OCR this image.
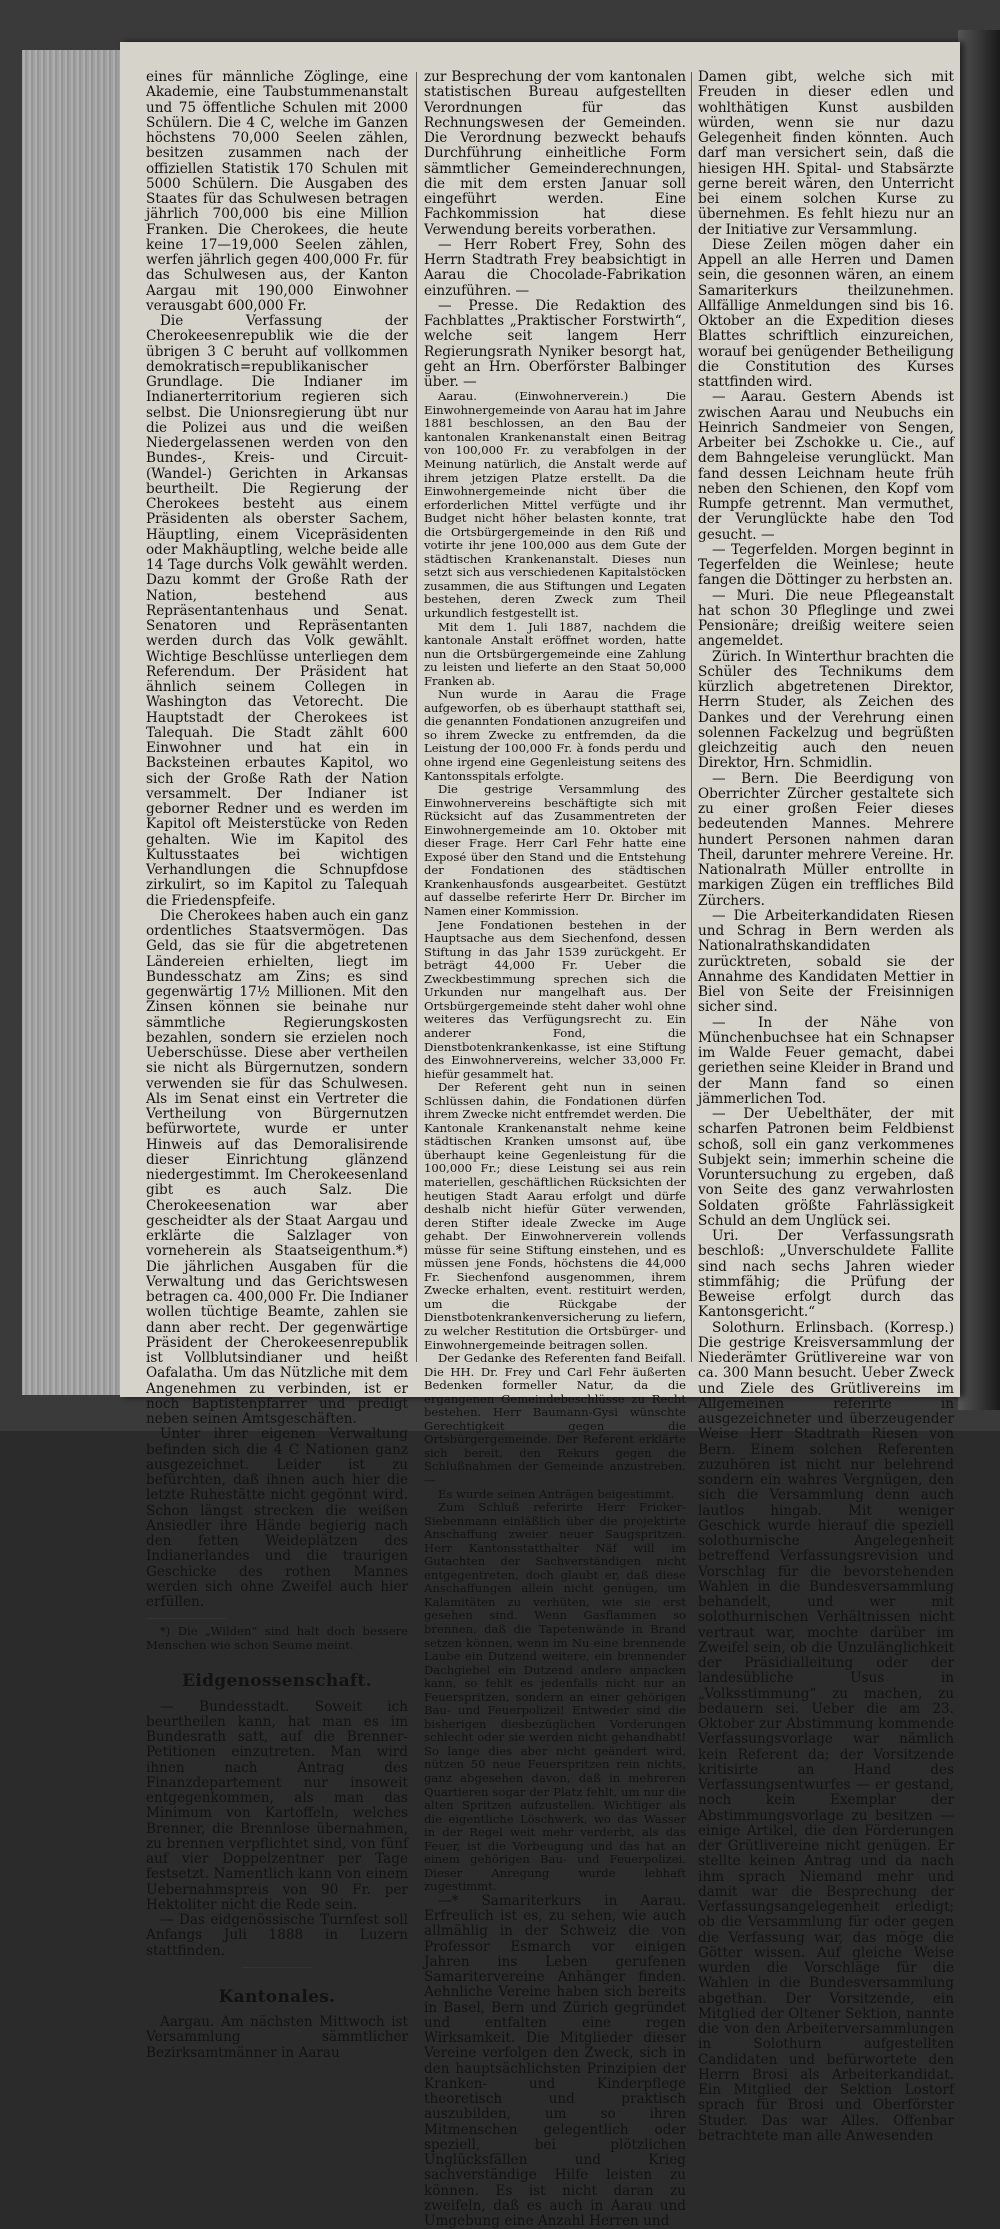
eines für männliche Zöglinge, eine Akademie, eine Taubstummenanstalt und 75 öffentliche Schulen mit 2000 Schülern. Die 4 C, welche im Ganzen höchstens 70,000 Seelen zählen, besitzen zusammen nach der offiziellen Statistik 170 Schulen mit 5000 Schülern. Die Ausgaben des Staates für das Schulwesen betragen jährlich 700,000 bis eine Million Franken. Die Cherokees, die heute keine 17—19,000 Seelen zählen, werfen jährlich gegen 400,000 Fr. für das Schulwesen aus, der Kanton Aargau mit 190,000 Einwohner verausgabt 600,000 Fr.

Die Verfassung der Cherokeesenrepublik wie die der übrigen 3 C beruht auf vollkommen demokratisch=republikanischer Grundlage. Die Indianer im Indianerterritorium regieren sich selbst. Die Unionsregierung übt nur die Polizei aus und die weißen Niedergelassenen werden von den Bundes-, Kreis- und Circuit- (Wandel-) Gerichten in Arkansas beurtheilt. Die Regierung der Cherokees besteht aus einem Präsidenten als oberster Sachem, Häuptling, einem Vicepräsidenten oder Makhäuptling, welche beide alle 14 Tage durchs Volk gewählt werden. Dazu kommt der Große Rath der Nation, bestehend aus Repräsentantenhaus und Senat. Senatoren und Repräsentanten werden durch das Volk gewählt. Wichtige Beschlüsse unterliegen dem Referendum. Der Präsident hat ähnlich seinem Collegen in Washington das Vetorecht. Die Hauptstadt der Cherokees ist Talequah. Die Stadt zählt 600 Einwohner und hat ein in Backsteinen erbautes Kapitol, wo sich der Große Rath der Nation versammelt. Der Indianer ist geborner Redner und es werden im Kapitol oft Meisterstücke von Reden gehalten. Wie im Kapitol des Kultusstaates bei wichtigen Verhandlungen die Schnupfdose zirkulirt, so im Kapitol zu Talequah die Friedenspfeife.

Die Cherokees haben auch ein ganz ordentliches Staatsvermögen. Das Geld, das sie für die abgetretenen Ländereien erhielten, liegt im Bundesschatz am Zins; es sind gegenwärtig 17½ Millionen. Mit den Zinsen können sie beinahe nur sämmtliche Regierungskosten bezahlen, sondern sie erzielen noch Ueberschüsse. Diese aber vertheilen sie nicht als Bürgernutzen, sondern verwenden sie für das Schulwesen. Als im Senat einst ein Vertreter die Vertheilung von Bürgernutzen befürwortete, wurde er unter Hinweis auf das Demoralisirende dieser Einrichtung glänzend niedergestimmt. Im Cherokeesenland gibt es auch Salz. Die Cherokeesenation war aber gescheidter als der Staat Aargau und erklärte die Salzlager von vorneherein als Staatseigenthum.*) Die jährlichen Ausgaben für die Verwaltung und das Gerichtswesen betragen ca. 400,000 Fr. Die Indianer wollen tüchtige Beamte, zahlen sie dann aber recht. Der gegenwärtige Präsident der Cherokeesenrepublik ist Vollblutsindianer und heißt Oafalatha. Um das Nützliche mit dem Angenehmen zu verbinden, ist er noch Baptistenpfarrer und predigt neben seinen Amtsgeschäften.

Unter ihrer eigenen Verwaltung befinden sich die 4 C Nationen ganz ausgezeichnet. Leider ist zu befürchten, daß ihnen auch hier die letzte Ruhestätte nicht gegönnt wird. Schon längst strecken die weißen Ansiedler ihre Hände begierig nach den fetten Weideplätzen des Indianerlandes und die traurigen Geschicke des rothen Mannes werden sich ohne Zweifel auch hier erfüllen.

*) Die „Wilden“ sind halt doch bessere Menschen wie schon Seume meint.

Eidgenossenschaft.

— Bundesstadt. Soweit ich beurtheilen kann, hat man es im Bundesrath satt, auf die Brenner-Petitionen einzutreten. Man wird ihnen nach Antrag des Finanzdepartement nur insoweit entgegenkommen, als man das Minimum von Kartoffeln, welches Brenner, die Brennlose übernahmen, zu brennen verpflichtet sind, von fünf auf vier Doppelzentner per Tage festsetzt. Namentlich kann von einem Uebernahmspreis von 90 Fr. per Hektoliter nicht die Rede sein.

— Das eidgenössische Turnfest soll Anfangs Juli 1888 in Luzern stattfinden.

Kantonales.

Aargau. Am nächsten Mittwoch ist Versammlung sämmtlicher Bezirksamtmänner in Aarau

zur Besprechung der vom kantonalen statistischen Bureau aufgestellten Verordnungen für das Rechnungswesen der Gemeinden. Die Verordnung bezweckt behaufs Durchführung einheitliche Form sämmtlicher Gemeinderechnungen, die mit dem ersten Januar soll eingeführt werden. Eine Fachkommission hat diese Verwendung bereits vorberathen.

— Herr Robert Frey, Sohn des Herrn Stadtrath Frey beabsichtigt in Aarau die Chocolade-Fabrikation einzuführen. —

— Presse. Die Redaktion des Fachblattes „Praktischer Forstwirth“, welche seit langem Herr Regierungsrath Nyniker besorgt hat, geht an Hrn. Oberförster Balbinger über. —

Aarau. (Einwohnerverein.) Die Einwohnergemeinde von Aarau hat im Jahre 1881 beschlossen, an den Bau der kantonalen Krankenanstalt einen Beitrag von 100,000 Fr. zu verabfolgen in der Meinung natürlich, die Anstalt werde auf ihrem jetzigen Platze erstellt. Da die Einwohnergemeinde nicht über die erforderlichen Mittel verfügte und ihr Budget nicht höher belasten konnte, trat die Ortsbürgergemeinde in den Riß und votirte ihr jene 100,000 aus dem Gute der städtischen Krankenanstalt. Dieses nun setzt sich aus verschiedenen Kapitalstöcken zusammen, die aus Stiftungen und Legaten bestehen, deren Zweck zum Theil urkundlich festgestellt ist.

Mit dem 1. Juli 1887, nachdem die kantonale Anstalt eröffnet worden, hatte nun die Ortsbürgergemeinde eine Zahlung zu leisten und lieferte an den Staat 50,000 Franken ab.

Nun wurde in Aarau die Frage aufgeworfen, ob es überhaupt statthaft sei, die genannten Fondationen anzugreifen und so ihrem Zwecke zu entfremden, da die Leistung der 100,000 Fr. à fonds perdu und ohne irgend eine Gegenleistung seitens des Kantonsspitals erfolgte.

Die gestrige Versammlung des Einwohnervereins beschäftigte sich mit Rücksicht auf das Zusammentreten der Einwohnergemeinde am 10. Oktober mit dieser Frage. Herr Carl Fehr hatte eine Exposé über den Stand und die Entstehung der Fondationen des städtischen Krankenhausfonds ausgearbeitet. Gestützt auf dasselbe referirte Herr Dr. Bircher im Namen einer Kommission.

Jene Fondationen bestehen in der Hauptsache aus dem Siechenfond, dessen Stiftung in das Jahr 1539 zurückgeht. Er beträgt 44,000 Fr. Ueber die Zweckbestimmung sprechen sich die Urkunden nur mangelhaft aus. Der Ortsbürgergemeinde steht daher wohl ohne weiteres das Verfügungsrecht zu. Ein anderer Fond, die Dienstbotenkrankenkasse, ist eine Stiftung des Einwohnervereins, welcher 33,000 Fr. hiefür gesammelt hat.

Der Referent geht nun in seinen Schlüssen dahin, die Fondationen dürfen ihrem Zwecke nicht entfremdet werden. Die Kantonale Krankenanstalt nehme keine städtischen Kranken umsonst auf, übe überhaupt keine Gegenleistung für die 100,000 Fr.; diese Leistung sei aus rein materiellen, geschäftlichen Rücksichten der heutigen Stadt Aarau erfolgt und dürfe deshalb nicht hiefür Güter verwenden, deren Stifter ideale Zwecke im Auge gehabt. Der Einwohnerverein vollends müsse für seine Stiftung einstehen, und es müssen jene Fonds, höchstens die 44,000 Fr. Siechenfond ausgenommen, ihrem Zwecke erhalten, event. restituirt werden, um die Rückgabe der Dienstbotenkrankenversicherung zu liefern, zu welcher Restitution die Ortsbürger- und Einwohnergemeinde beitragen sollen.

Der Gedanke des Referenten fand Beifall. Die HH. Dr. Frey und Carl Fehr äußerten Bedenken formeller Natur, da die ergangenen Gemeindebeschlüsse zu Recht bestehen. Herr Baumann-Gysi wünschte Gerechtigkeit gegen die Ortsbürgergemeinde. Der Referent erklärte sich bereit, den Rekurs gegen die Schlußnahmen der Gemeinde anzustreben. —

Es wurde seinen Anträgen beigestimmt.

Zum Schluß referirte Herr Fricker-Siebenmann einläßlich über die projektirte Anschaffung zweier neuer Saugspritzen. Herr Kantonsstatthalter Näf will im Gutachten der Sachverständigen nicht entgegentreten, doch glaubt er, daß diese Anschaffungen allein nicht genügen, um Kalamitäten zu verhüten, wie sie erst gesehen sind. Wenn Gasflammen so brennen, daß die Tapetenwände in Brand setzen können, wenn im Nu eine brennende Laube ein Dutzend weitere, ein brennender Dachgiebel ein Dutzend andere anpacken kann, so fehlt es jedenfalls nicht nur an Feuerspritzen, sondern an einer gehörigen Bau- und Feuerpolizei! Entweder sind die bisherigen diesbezüglichen Vorderungen schlecht oder sie werden nicht gehandhabt! So lange dies aber nicht geändert wird, nützen 50 neue Feuerspritzen rein nichts, ganz abgesehen davon, daß in mehreren Quartieren sogar der Platz fehlt, um nur die alten Spritzen aufzustellen. Wichtiger als die eigentliche Löschwerk, wo das Wasser in der Regel weit mehr verderbt, als das Feuer, ist die Vorbeugung und das hat an einem gehörigen Bau- und Feuerpolizei. Dieser Anregung wurde lebhaft zugestimmt.

—* Samariterkurs in Aarau. Erfreulich ist es, zu sehen, wie auch allmählig in der Schweiz die von Professor Esmarch vor einigen Jahren ins Leben gerufenen Samaritervereine Anhänger finden. Aehnliche Vereine haben sich bereits in Basel, Bern und Zürich gegründet und entfalten eine regen Wirksamkeit. Die Mitglieder dieser Vereine verfolgen den Zweck, sich in den hauptsächlichsten Prinzipien der Kranken- und Kinderpflege theoretisch und praktisch auszubilden, um so ihren Mitmenschen gelegentlich oder speziell, bei plötzlichen Unglücksfällen und Krieg sachverständige Hilfe leisten zu können. Es ist nicht daran zu zweifeln, daß es auch in Aarau und Umgebung eine Anzahl Herren und

Damen gibt, welche sich mit Freuden in dieser edlen und wohlthätigen Kunst ausbilden würden, wenn sie nur dazu Gelegenheit finden könnten. Auch darf man versichert sein, daß die hiesigen HH. Spital- und Stabsärzte gerne bereit wären, den Unterricht bei einem solchen Kurse zu übernehmen. Es fehlt hiezu nur an der Initiative zur Versammlung.

Diese Zeilen mögen daher ein Appell an alle Herren und Damen sein, die gesonnen wären, an einem Samariterkurs theilzunehmen. Allfällige Anmeldungen sind bis 16. Oktober an die Expedition dieses Blattes schriftlich einzureichen, worauf bei genügender Betheiligung die Constitution des Kurses stattfinden wird.

— Aarau. Gestern Abends ist zwischen Aarau und Neubuchs ein Heinrich Sandmeier von Sengen, Arbeiter bei Zschokke u. Cie., auf dem Bahngeleise verunglückt. Man fand dessen Leichnam heute früh neben den Schienen, den Kopf vom Rumpfe getrennt. Man vermuthet, der Verunglückte habe den Tod gesucht. —

— Tegerfelden. Morgen beginnt in Tegerfelden die Weinlese; heute fangen die Döttinger zu herbsten an.

— Muri. Die neue Pflegeanstalt hat schon 30 Pfleglinge und zwei Pensionäre; dreißig weitere seien angemeldet.

Zürich. In Winterthur brachten die Schüler des Technikums dem kürzlich abgetretenen Direktor, Herrn Studer, als Zeichen des Dankes und der Verehrung einen solennen Fackelzug und begrüßten gleichzeitig auch den neuen Direktor, Hrn. Schmidlin.

— Bern. Die Beerdigung von Oberrichter Zürcher gestaltete sich zu einer großen Feier dieses bedeutenden Mannes. Mehrere hundert Personen nahmen daran Theil, darunter mehrere Vereine. Hr. Nationalrath Müller entrollte in markigen Zügen ein treffliches Bild Zürchers.

— Die Arbeiterkandidaten Riesen und Schrag in Bern werden als Nationalrathskandidaten zurücktreten, sobald sie der Annahme des Kandidaten Mettier in Biel von Seite der Freisinnigen sicher sind.

— In der Nähe von Münchenbuchsee hat ein Schnapser im Walde Feuer gemacht, dabei geriethen seine Kleider in Brand und der Mann fand so einen jämmerlichen Tod.

— Der Uebelthäter, der mit scharfen Patronen beim Feldbienst schoß, soll ein ganz verkommenes Subjekt sein; immerhin scheine die Voruntersuchung zu ergeben, daß von Seite des ganz verwahrlosten Soldaten größte Fahrlässigkeit Schuld an dem Unglück sei.

Uri. Der Verfassungsrath beschloß: „Unverschuldete Fallite sind nach sechs Jahren wieder stimmfähig; die Prüfung der Beweise erfolgt durch das Kantonsgericht.“

Solothurn. Erlinsbach. (Korresp.) Die gestrige Kreisversammlung der Niederämter Grütlivereine war von ca. 300 Mann besucht. Ueber Zweck und Ziele des Grütlivereins im Allgemeinen referirte in ausgezeichneter und überzeugender Weise Herr Stadtrath Riesen von Bern. Einem solchen Referenten zuzuhören ist nicht nur belehrend sondern ein wahres Vergnügen, den sich die Versammlung denn auch lautlos hingab. Mit weniger Geschick wurde hierauf die speziell solothurnische Angelegenheit betreffend Verfassungsrevision und Vorschlag für die bevorstehenden Wahlen in die Bundesversammlung behandelt, und wer mit solothurnischen Verhältnissen nicht vertraut war, mochte darüber im Zweifel sein, ob die Unzulänglichkeit der Präsidialleitung oder der landesübliche Usus in „Volksstimmung“ zu machen, zu bedauern sei. Ueber die am 23. Oktober zur Abstimmung kommende Verfassungsvorlage war nämlich kein Referent da; der Vorsitzende kritisirte an Hand des Verfassungsentwurfes — er gestand, noch kein Exemplar der Abstimmungsvorlage zu besitzen — einige Artikel, die den Förderungen der Grütlivereine nicht genügen. Er stellte keinen Antrag und da nach ihm sprach Niemand mehr und damit war die Besprechung der Verfassungsangelegenheit erledigt; ob die Versammlung für oder gegen die Verfassung war, das möge die Götter wissen. Auf gleiche Weise wurden die Vorschläge für die Wahlen in die Bundesversammlung abgethan. Der Vorsitzende, ein Mitglied der Oltener Sektion, nannte die von den Arbeiterversammlungen in Solothurn aufgestellten Candidaten und befürwortete den Herrn Brosi als Arbeiterkandidat. Ein Mitglied der Sektion Lostorf sprach für Brosi und Oberförster Studer. Das war Alles. Offenbar betrachtete man alle Anwesenden
